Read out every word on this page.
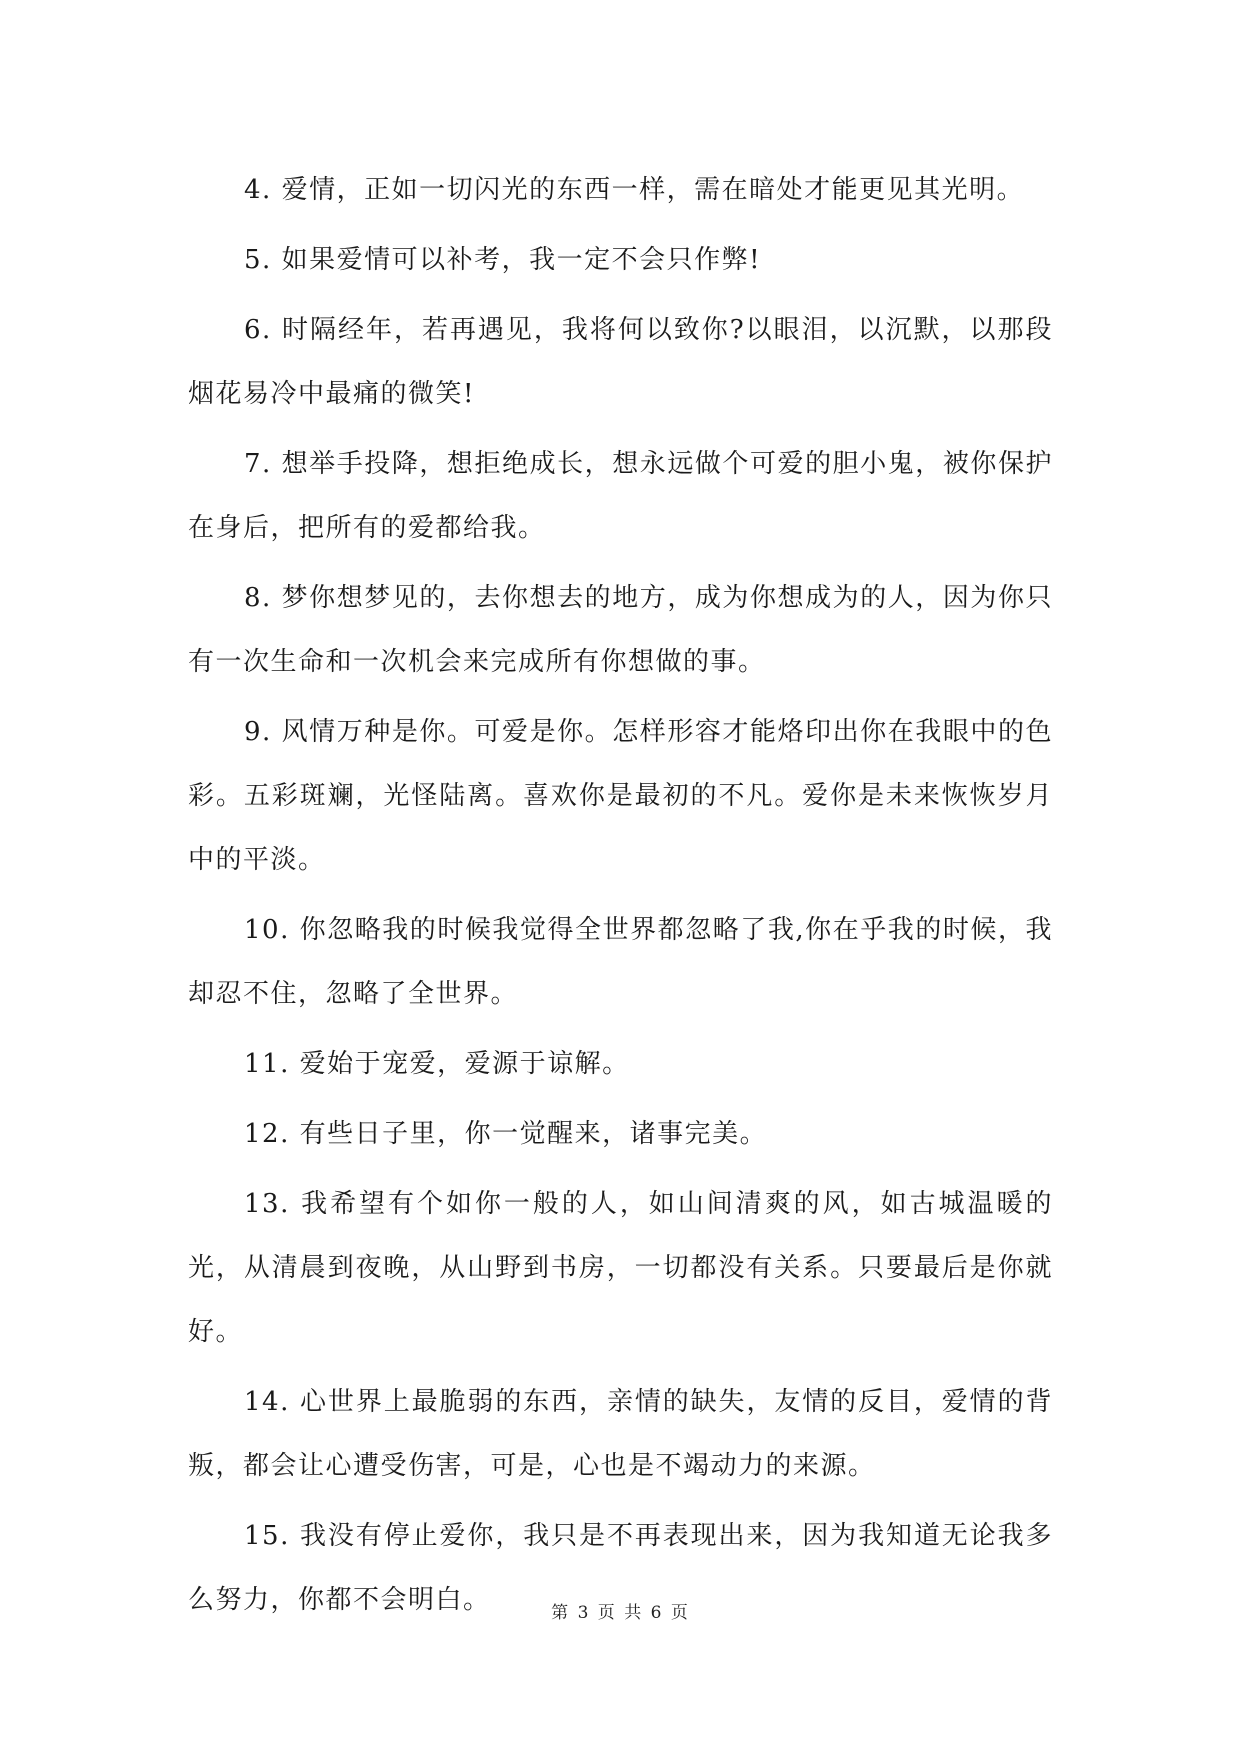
4. 爱情，正如一切闪光的东西一样，需在暗处才能更见其光明。

5. 如果爱情可以补考，我一定不会只作弊!

6. 时隔经年，若再遇见，我将何以致你?以眼泪，以沉默，以那段烟花易冷中最痛的微笑!

7. 想举手投降，想拒绝成长，想永远做个可爱的胆小鬼，被你保护在身后，把所有的爱都给我。

8. 梦你想梦见的，去你想去的地方，成为你想成为的人，因为你只有一次生命和一次机会来完成所有你想做的事。

9. 风情万种是你。可爱是你。怎样形容才能烙印出你在我眼中的色彩。五彩斑斓，光怪陆离。喜欢你是最初的不凡。爱你是未来恢恢岁月中的平淡。

10. 你忽略我的时候我觉得全世界都忽略了我,你在乎我的时候，我却忍不住，忽略了全世界。

11. 爱始于宠爱，爱源于谅解。

12. 有些日子里，你一觉醒来，诸事完美。

13. 我希望有个如你一般的人，如山间清爽的风，如古城温暖的光，从清晨到夜晚，从山野到书房，一切都没有关系。只要最后是你就好。

14. 心世界上最脆弱的东西，亲情的缺失，友情的反目，爱情的背叛，都会让心遭受伤害，可是，心也是不竭动力的来源。

15. 我没有停止爱你，我只是不再表现出来，因为我知道无论我多么努力，你都不会明白。	第 3 页 共 6 页
